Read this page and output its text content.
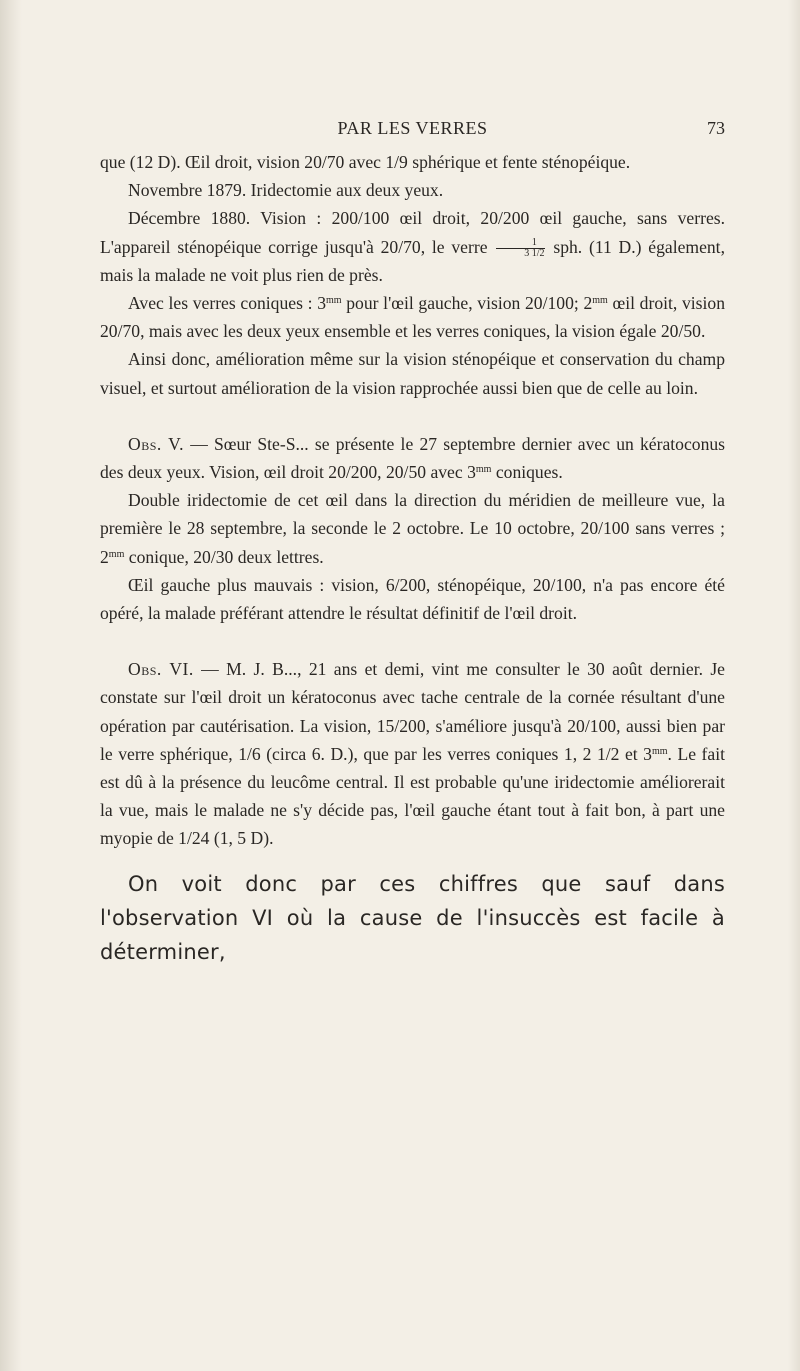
PAR LES VERRES	73

que (12 D). Œil droit, vision 20/70 avec 1/9 sphérique et fente sténopéique.

Novembre 1879. Iridectomie aux deux yeux.

Décembre 1880. Vision : 200/100 œil droit, 20/200 œil gauche, sans verres. L'appareil sténopéique corrige jusqu'à 20/70, le verre $\frac{1}{3 1/2}$ sph. (11 D.) également, mais la malade ne voit plus rien de près.

Avec les verres coniques : $3^{mm}$ pour l'œil gauche, vision 20/100; $2^{mm}$ œil droit, vision 20/70, mais avec les deux yeux ensemble et les verres coniques, la vision égale 20/50.

Ainsi donc, amélioration même sur la vision sténopéique et conservation du champ visuel, et surtout amélioration de la vision rapprochée aussi bien que de celle au loin.

Obs. V. — Sœur Ste-S... se présente le 27 septembre dernier avec un kératoconus des deux yeux. Vision, œil droit 20/200, 20/50 avec $3^{mm}$ coniques.

Double iridectomie de cet œil dans la direction du méridien de meilleure vue, la première le 28 septembre, la seconde le 2 octobre. Le 10 octobre, 20/100 sans verres ; $2^{mm}$ conique, 20/30 deux lettres.

Œil gauche plus mauvais : vision, 6/200, sténopéique, 20/100, n'a pas encore été opéré, la malade préférant attendre le résultat définitif de l'œil droit.

Obs. VI. — M. J. B..., 21 ans et demi, vint me consulter le 30 août dernier. Je constate sur l'œil droit un kératoconus avec tache centrale de la cornée résultant d'une opération par cautérisation. La vision, 15/200, s'améliore jusqu'à 20/100, aussi bien par le verre sphérique, 1/6 (circa 6. D.), que par les verres coniques 1, 2 1/2 et $3^{mm}$. Le fait est dû à la présence du leucôme central. Il est probable qu'une iridectomie améliorerait la vue, mais le malade ne s'y décide pas, l'œil gauche étant tout à fait bon, à part une myopie de 1/24 (1, 5 D).

On voit donc par ces chiffres que sauf dans l'observation VI où la cause de l'insuccès est facile à déterminer,
